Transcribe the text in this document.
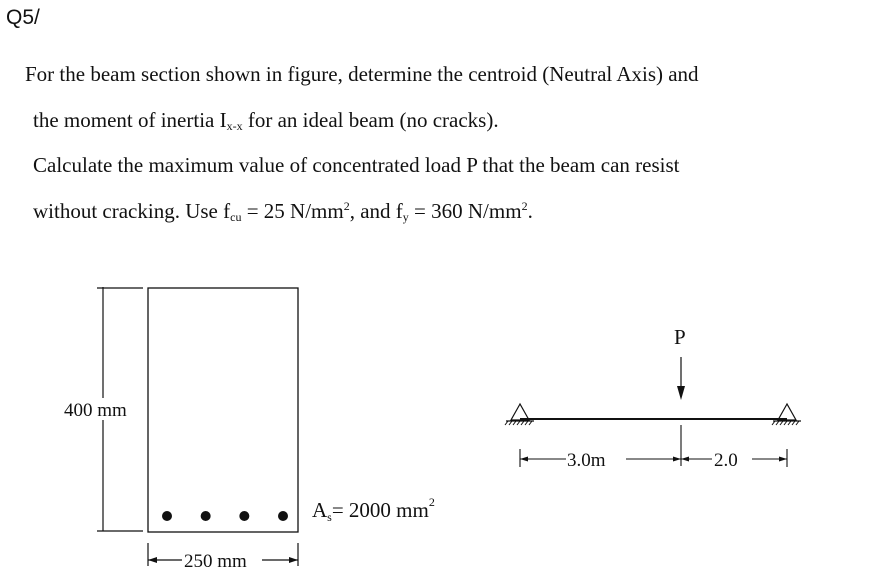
Q5/
For the beam section shown in figure, determine the centroid (Neutral Axis) and
the moment of inertia $I_{x-x}$ for an ideal beam (no cracks).
Calculate the maximum value of concentrated load P that the beam can resist
without cracking. Use $f_{cu} = 25$ $N/mm^2$, and $f_y = 360$ $N/mm^2$.
400 mm
As= 2000 $mm^2$
250 mm
P
3.0m	2.0
